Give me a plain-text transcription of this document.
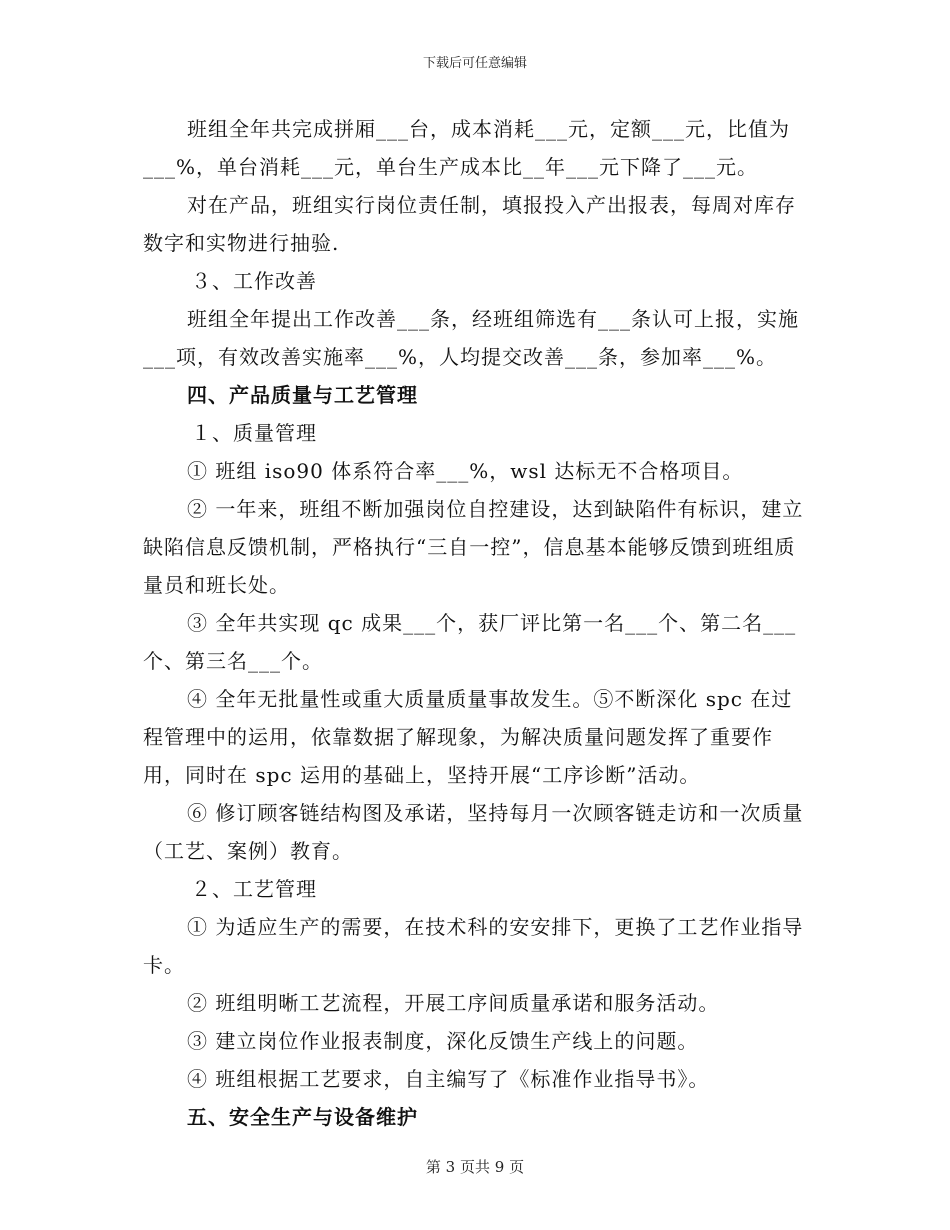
下载后可任意编辑

班组全年共完成拼厢___台，成本消耗___元，定额___元，比值为___%，单台消耗___元，单台生产成本比__年___元下降了___元。

对在产品，班组实行岗位责任制，填报投入产出报表，每周对库存数字和实物进行抽验.

３、工作改善

班组全年提出工作改善___条，经班组筛选有___条认可上报，实施___项，有效改善实施率___%，人均提交改善___条，参加率___%。

四、产品质量与工艺管理

１、质量管理

① 班组 iso90 体系符合率___%，wsl 达标无不合格项目。

② 一年来，班组不断加强岗位自控建设，达到缺陷件有标识，建立缺陷信息反馈机制，严格执行“三自一控”，信息基本能够反馈到班组质量员和班长处。

③ 全年共实现 qc 成果___个，获厂评比第一名___个、第二名___个、第三名___个。

④ 全年无批量性或重大质量质量事故发生。⑤不断深化 spc 在过程管理中的运用，依靠数据了解现象，为解决质量问题发挥了重要作用，同时在 spc 运用的基础上，坚持开展“工序诊断”活动。

⑥ 修订顾客链结构图及承诺，坚持每月一次顾客链走访和一次质量（工艺、案例）教育。

２、工艺管理

① 为适应生产的需要，在技术科的安安排下，更换了工艺作业指导卡。

② 班组明晰工艺流程，开展工序间质量承诺和服务活动。

③ 建立岗位作业报表制度，深化反馈生产线上的问题。

④ 班组根据工艺要求，自主编写了《标准作业指导书》。

五、安全生产与设备维护

第 3 页共 9 页
